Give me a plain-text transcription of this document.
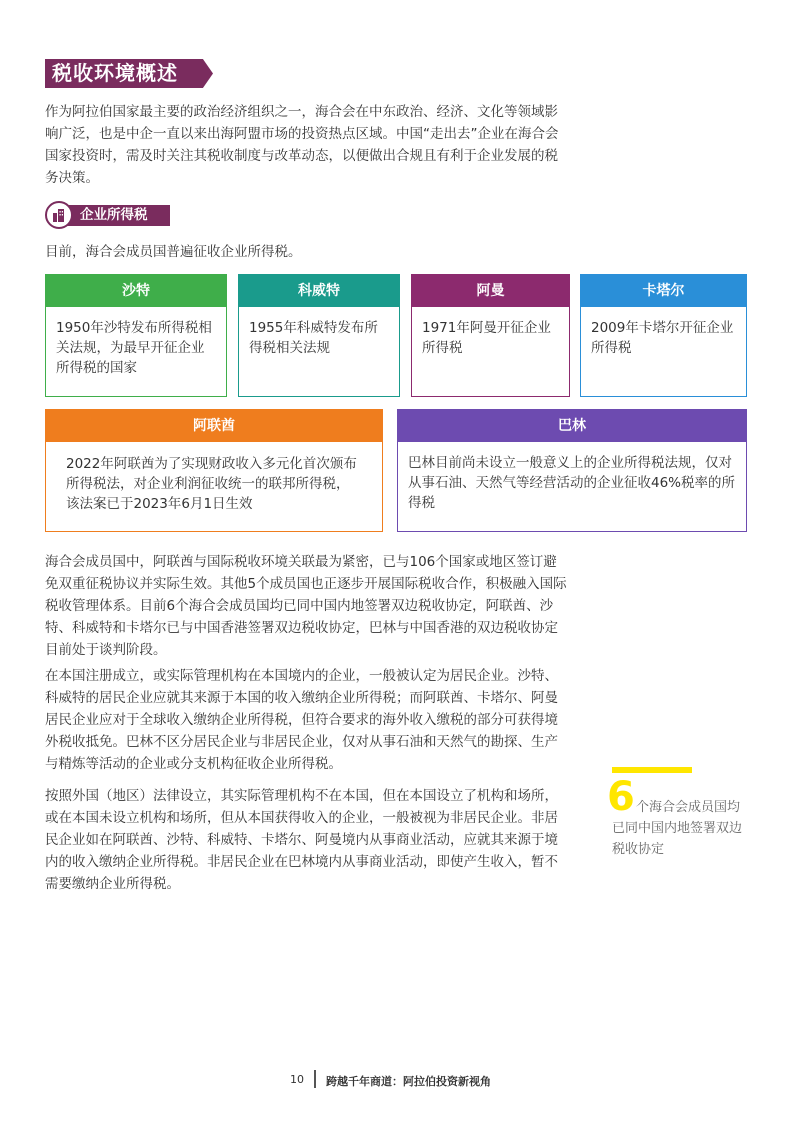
税收环境概述
作为阿拉伯国家最主要的政治经济组织之一，海合会在中东政治、经济、文化等领域影响广泛，也是中企一直以来出海阿盟市场的投资热点区域。中国“走出去”企业在海合会国家投资时，需及时关注其税收制度与改革动态，以便做出合规且有利于企业发展的税务决策。
企业所得税
目前，海合会成员国普遍征收企业所得税。
沙特
1950年沙特发布所得税相关法规，为最早开征企业所得税的国家
科威特
1955年科威特发布所得税相关法规
阿曼
1971年阿曼开征企业所得税
卡塔尔
2009年卡塔尔开征企业所得税
阿联酋
2022年阿联酋为了实现财政收入多元化首次颁布所得税法，对企业利润征收统一的联邦所得税，该法案已于2023年6月1日生效
巴林
巴林目前尚未设立一般意义上的企业所得税法规，仅对从事石油、天然气等经营活动的企业征收46%税率的所得税
海合会成员国中，阿联酋与国际税收环境关联最为紧密，已与106个国家或地区签订避免双重征税协议并实际生效。其他5个成员国也正逐步开展国际税收合作，积极融入国际税收管理体系。目前6个海合会成员国均已同中国内地签署双边税收协定，阿联酋、沙特、科威特和卡塔尔已与中国香港签署双边税收协定，巴林与中国香港的双边税收协定目前处于谈判阶段。
在本国注册成立，或实际管理机构在本国境内的企业，一般被认定为居民企业。沙特、科威特的居民企业应就其来源于本国的收入缴纳企业所得税；而阿联酋、卡塔尔、阿曼居民企业应对于全球收入缴纳企业所得税，但符合要求的海外收入缴税的部分可获得境外税收抵免。巴林不区分居民企业与非居民企业，仅对从事石油和天然气的勘探、生产与精炼等活动的企业或分支机构征收企业所得税。
按照外国（地区）法律设立，其实际管理机构不在本国，但在本国设立了机构和场所，或在本国未设立机构和场所，但从本国获得收入的企业，一般被视为非居民企业。非居民企业如在阿联酋、沙特、科威特、卡塔尔、阿曼境内从事商业活动，应就其来源于境内的收入缴纳企业所得税。非居民企业在巴林境内从事商业活动，即使产生收入，暂不需要缴纳企业所得税。
6 个海合会成员国均已同中国内地签署双边税收协定
10 跨越千年商道：阿拉伯投资新视角
